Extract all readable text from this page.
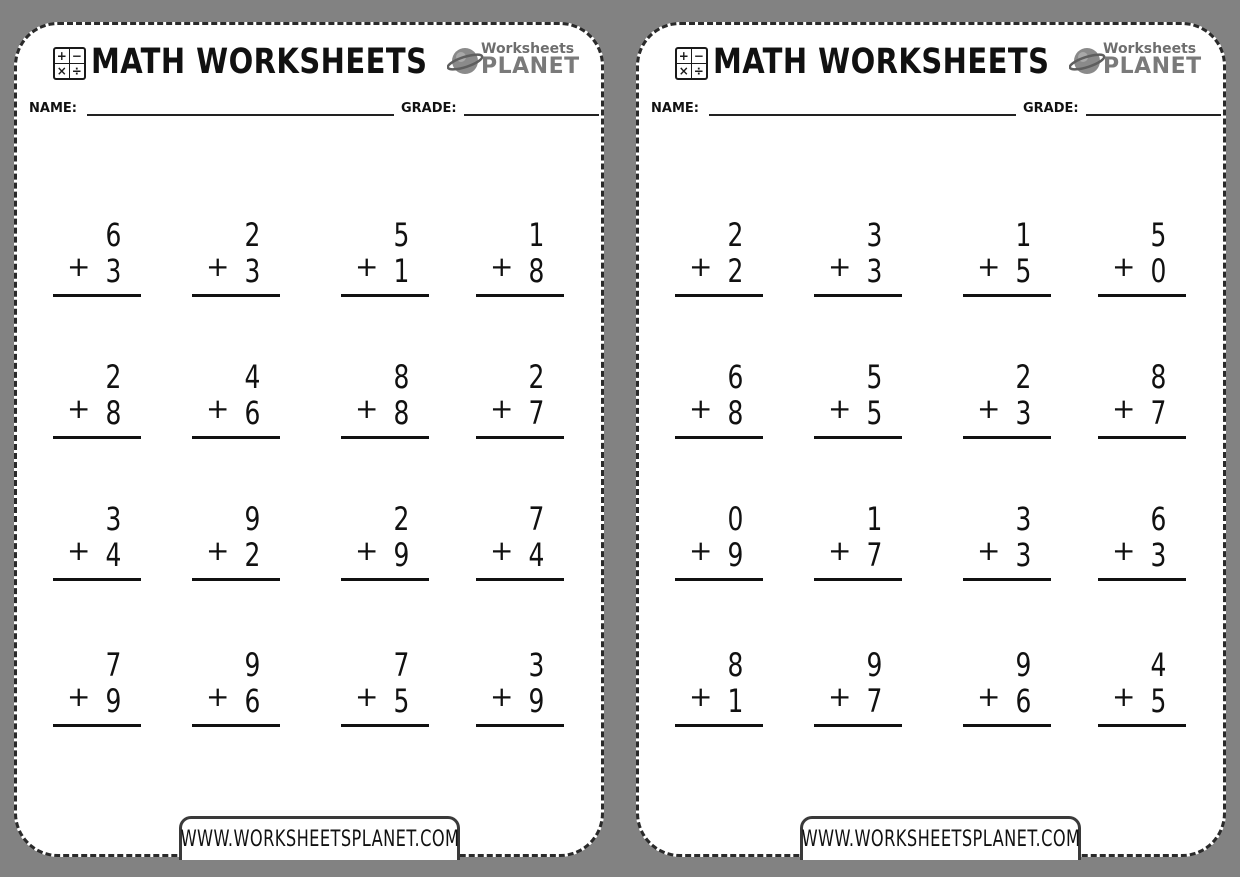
+ −
× ÷ MATH WORKSHEETS	Worksheets
PLANET
NAME:	GRADE:
6
+ 3
2
+ 3
5
+ 1
1
+ 8
2
+ 8
4
+ 6
8
+ 8
2
+ 7
3
+ 4
9
+ 2
2
+ 9
7
+ 4
7
+ 9
9
+ 6
7
+ 5
3
+ 9
+ −
× ÷ MATH WORKSHEETS	Worksheets
PLANET
NAME:	GRADE:
2
+ 2
3
+ 3
1
+ 5
5
+ 0
6
+ 8
5
+ 5
2
+ 3
8
+ 7
0
+ 9
1
+ 7
3
+ 3
6
+ 3
8
+ 1
9
+ 7
9
+ 6
4
+ 5
WWW.WORKSHEETSPLANET.COM	WWW.WORKSHEETSPLANET.COM
